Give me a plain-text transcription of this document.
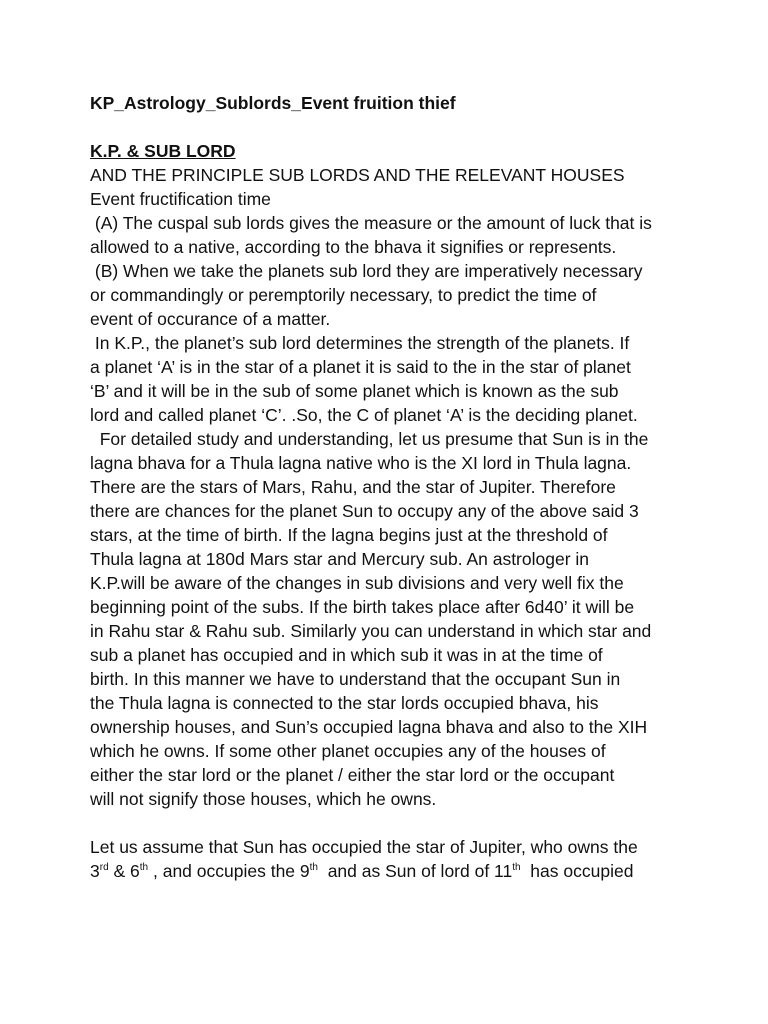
KP_Astrology_Sublords_Event fruition thief

K.P. & SUB LORD

AND THE PRINCIPLE SUB LORDS AND THE RELEVANT HOUSES

Event fructification time

(A) The cuspal sub lords gives the measure or the amount of luck that is

allowed to a native, according to the bhava it signifies or represents.

(B) When we take the planets sub lord they are imperatively necessary

or commandingly or peremptorily necessary, to predict the time of

event of occurance of a matter.

In K.P., the planet’s sub lord determines the strength of the planets. If

a planet ‘A’ is in the star of a planet it is said to the in the star of planet

‘B’ and it will be in the sub of some planet which is known as the sub

lord and called planet ‘C’. .So, the C of planet ‘A’ is the deciding planet.

For detailed study and understanding, let us presume that Sun is in the

lagna bhava for a Thula lagna native who is the XI lord in Thula lagna.

There are the stars of Mars, Rahu, and the star of Jupiter. Therefore

there are chances for the planet Sun to occupy any of the above said 3

stars, at the time of birth. If the lagna begins just at the threshold of

Thula lagna at 180d Mars star and Mercury sub. An astrologer in

K.P.will be aware of the changes in sub divisions and very well fix the

beginning point of the subs. If the birth takes place after 6d40’ it will be

in Rahu star & Rahu sub. Similarly you can understand in which star and

sub a planet has occupied and in which sub it was in at the time of

birth. In this manner we have to understand that the occupant Sun in

the Thula lagna is connected to the star lords occupied bhava, his

ownership houses, and Sun’s occupied lagna bhava and also to the XIH

which he owns. If some other planet occupies any of the houses of

either the star lord or the planet / either the star lord or the occupant

will not signify those houses, which he owns.

Let us assume that Sun has occupied the star of Jupiter, who owns the

3rd & 6th , and occupies the 9th  and as Sun of lord of 11th  has occupied
